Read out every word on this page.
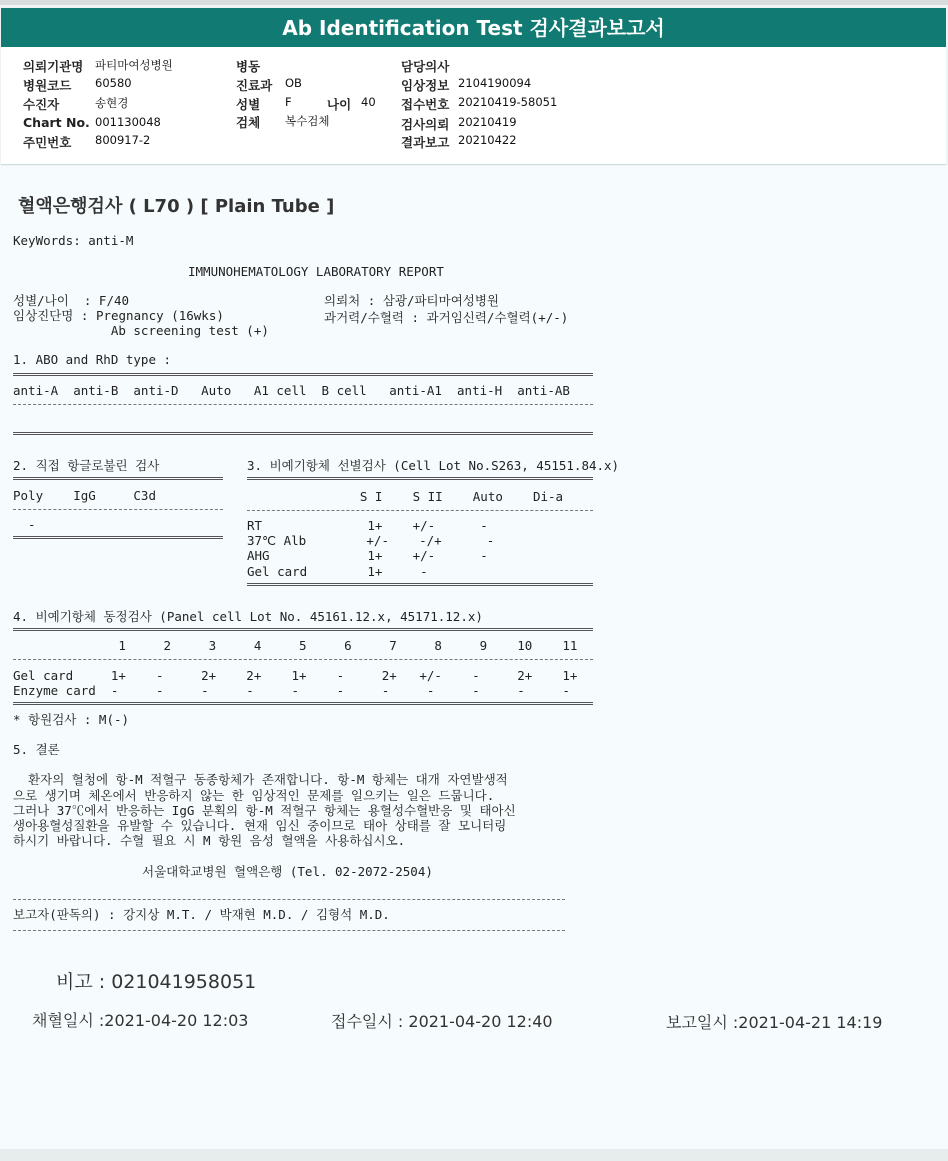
Ab Identification Test 검사결과보고서
의뢰기관명 파티마여성병원
병원코드 60580
수진자	송현경
Chart No. 001130048
주민번호 800917-2
병동
진료과 OB
성별 F	나이 40
검체 복수검체
담당의사
임상정보 2104190094
접수번호 20210419-58051
검사의뢰 20210419
결과보고 20210422
혈액은행검사 ( L70 ) [ Plain Tube ]
KeyWords: anti-M
IMMUNOHEMATOLOGY LABORATORY REPORT
성별/나이  : F/40
임상진단명 : Pregnancy (16wks)
Ab screening test (+)
의뢰처 : 삼광/파티마여성병원
과거력/수혈력 : 과거임신력/수혈력(+/-)
1. ABO and RhD type :
anti-A  anti-B  anti-D   Auto   A1 cell  B cell   anti-A1  anti-H  anti-AB
2. 직접 항글로불린 검사
Poly    IgG     C3d
-
3. 비예기항체 선별검사 (Cell Lot No.S263, 45151.84.x)
S I    S II    Auto    Di-a
RT              1+    +/-      -
37℃ Alb        +/-    -/+      -
AHG             1+    +/-      -
Gel card        1+     -
4. 비예기항체 동정검사 (Panel cell Lot No. 45161.12.x, 45171.12.x)
1     2     3     4     5     6     7     8     9    10    11
Gel card     1+    -     2+    2+    1+    -     2+   +/-    -     2+    1+
Enzyme card  -     -     -     -     -     -     -     -     -     -     -
* 항원검사 : M(-)
5. 결론
환자의 혈청에 항-M 적혈구 동종항체가 존재합니다. 항-M 항체는 대개 자연발생적
으로 생기며 체온에서 반응하지 않는 한 임상적인 문제를 일으키는 일은 드뭅니다.
그러나 37℃에서 반응하는 IgG 분획의 항-M 적혈구 항체는 용혈성수혈반응 및 태아신
생아용혈성질환을 유발할 수 있습니다. 현재 임신 중이므로 태아 상태를 잘 모니터링
하시기 바랍니다. 수혈 필요 시 M 항원 음성 혈액을 사용하십시오.
서울대학교병원 혈액은행 (Tel. 02-2072-2504)
보고자(판독의) : 강지상 M.T. / 박재현 M.D. / 김형석 M.D.
비고 : 021041958051
채혈일시 :2021-04-20 12:03	접수일시 : 2021-04-20 12:40	보고일시 :2021-04-21 14:19
